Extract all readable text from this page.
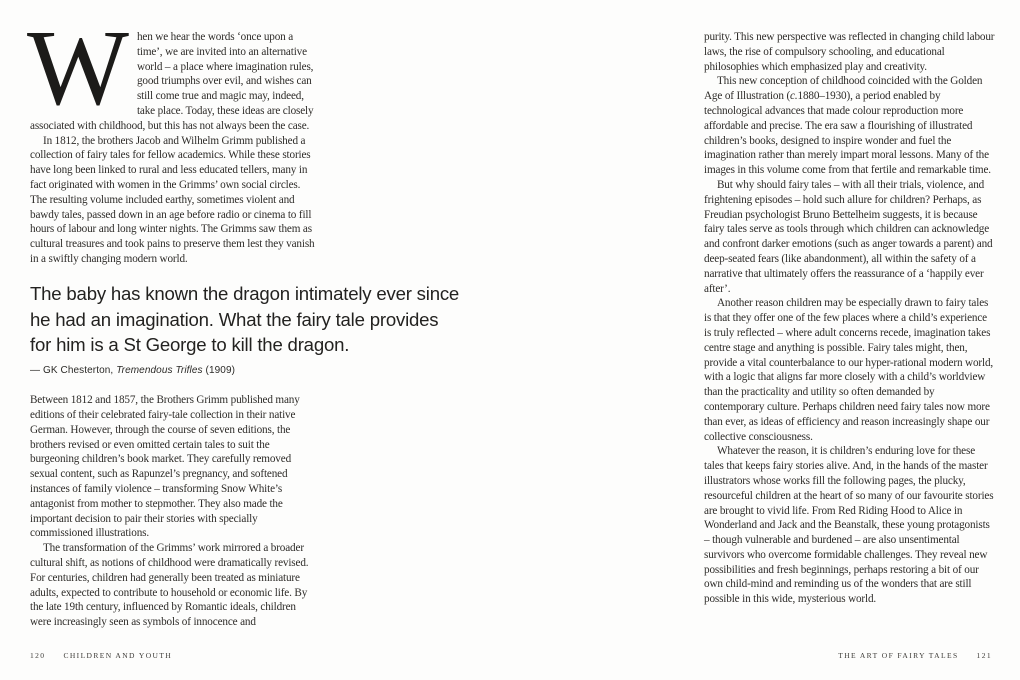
When we hear the words ‘once upon a time’, we are invited into an alternative world – a place where imagination rules, good triumphs over evil, and wishes can still come true and magic may, indeed, take place. Today, these ideas are closely associated with childhood, but this has not always been the case.

In 1812, the brothers Jacob and Wilhelm Grimm published a collection of fairy tales for fellow academics. While these stories have long been linked to rural and less educated tellers, many in fact originated with women in the Grimms’ own social circles. The resulting volume included earthy, sometimes violent and bawdy tales, passed down in an age before radio or cinema to fill hours of labour and long winter nights. The Grimms saw them as cultural treasures and took pains to preserve them lest they vanish in a swiftly changing modern world.

The baby has known the dragon intimately ever since he had an imagination. What the fairy tale provides for him is a St George to kill the dragon.

— GK Chesterton, Tremendous Trifles (1909)

Between 1812 and 1857, the Brothers Grimm published many editions of their celebrated fairy-tale collection in their native German. However, through the course of seven editions, the brothers revised or even omitted certain tales to suit the burgeoning children’s book market. They carefully removed sexual content, such as Rapunzel’s pregnancy, and softened instances of family violence – transforming Snow White’s antagonist from mother to stepmother. They also made the important decision to pair their stories with specially commissioned illustrations.

The transformation of the Grimms’ work mirrored a broader cultural shift, as notions of childhood were dramatically revised. For centuries, children had generally been treated as miniature adults, expected to contribute to household or economic life. By the late 19th century, influenced by Romantic ideals, children were increasingly seen as symbols of innocence and

120 CHILDREN AND YOUTH

purity. This new perspective was reflected in changing child labour laws, the rise of compulsory schooling, and educational philosophies which emphasized play and creativity.

This new conception of childhood coincided with the Golden Age of Illustration (c.1880–1930), a period enabled by technological advances that made colour reproduction more affordable and precise. The era saw a flourishing of illustrated children’s books, designed to inspire wonder and fuel the imagination rather than merely impart moral lessons. Many of the images in this volume come from that fertile and remarkable time.

But why should fairy tales – with all their trials, violence, and frightening episodes – hold such allure for children? Perhaps, as Freudian psychologist Bruno Bettelheim suggests, it is because fairy tales serve as tools through which children can acknowledge and confront darker emotions (such as anger towards a parent) and deep-seated fears (like abandonment), all within the safety of a narrative that ultimately offers the reassurance of a ‘happily ever after’.

Another reason children may be especially drawn to fairy tales is that they offer one of the few places where a child’s experience is truly reflected – where adult concerns recede, imagination takes centre stage and anything is possible. Fairy tales might, then, provide a vital counterbalance to our hyper-rational modern world, with a logic that aligns far more closely with a child’s worldview than the practicality and utility so often demanded by contemporary culture. Perhaps children need fairy tales now more than ever, as ideas of efficiency and reason increasingly shape our collective consciousness.

Whatever the reason, it is children’s enduring love for these tales that keeps fairy stories alive. And, in the hands of the master illustrators whose works fill the following pages, the plucky, resourceful children at the heart of so many of our favourite stories are brought to vivid life. From Red Riding Hood to Alice in Wonderland and Jack and the Beanstalk, these young protagonists – though vulnerable and burdened – are also unsentimental survivors who overcome formidable challenges. They reveal new possibilities and fresh beginnings, perhaps restoring a bit of our own child-mind and reminding us of the wonders that are still possible in this wide, mysterious world.

THE ART OF FAIRY TALES 121
